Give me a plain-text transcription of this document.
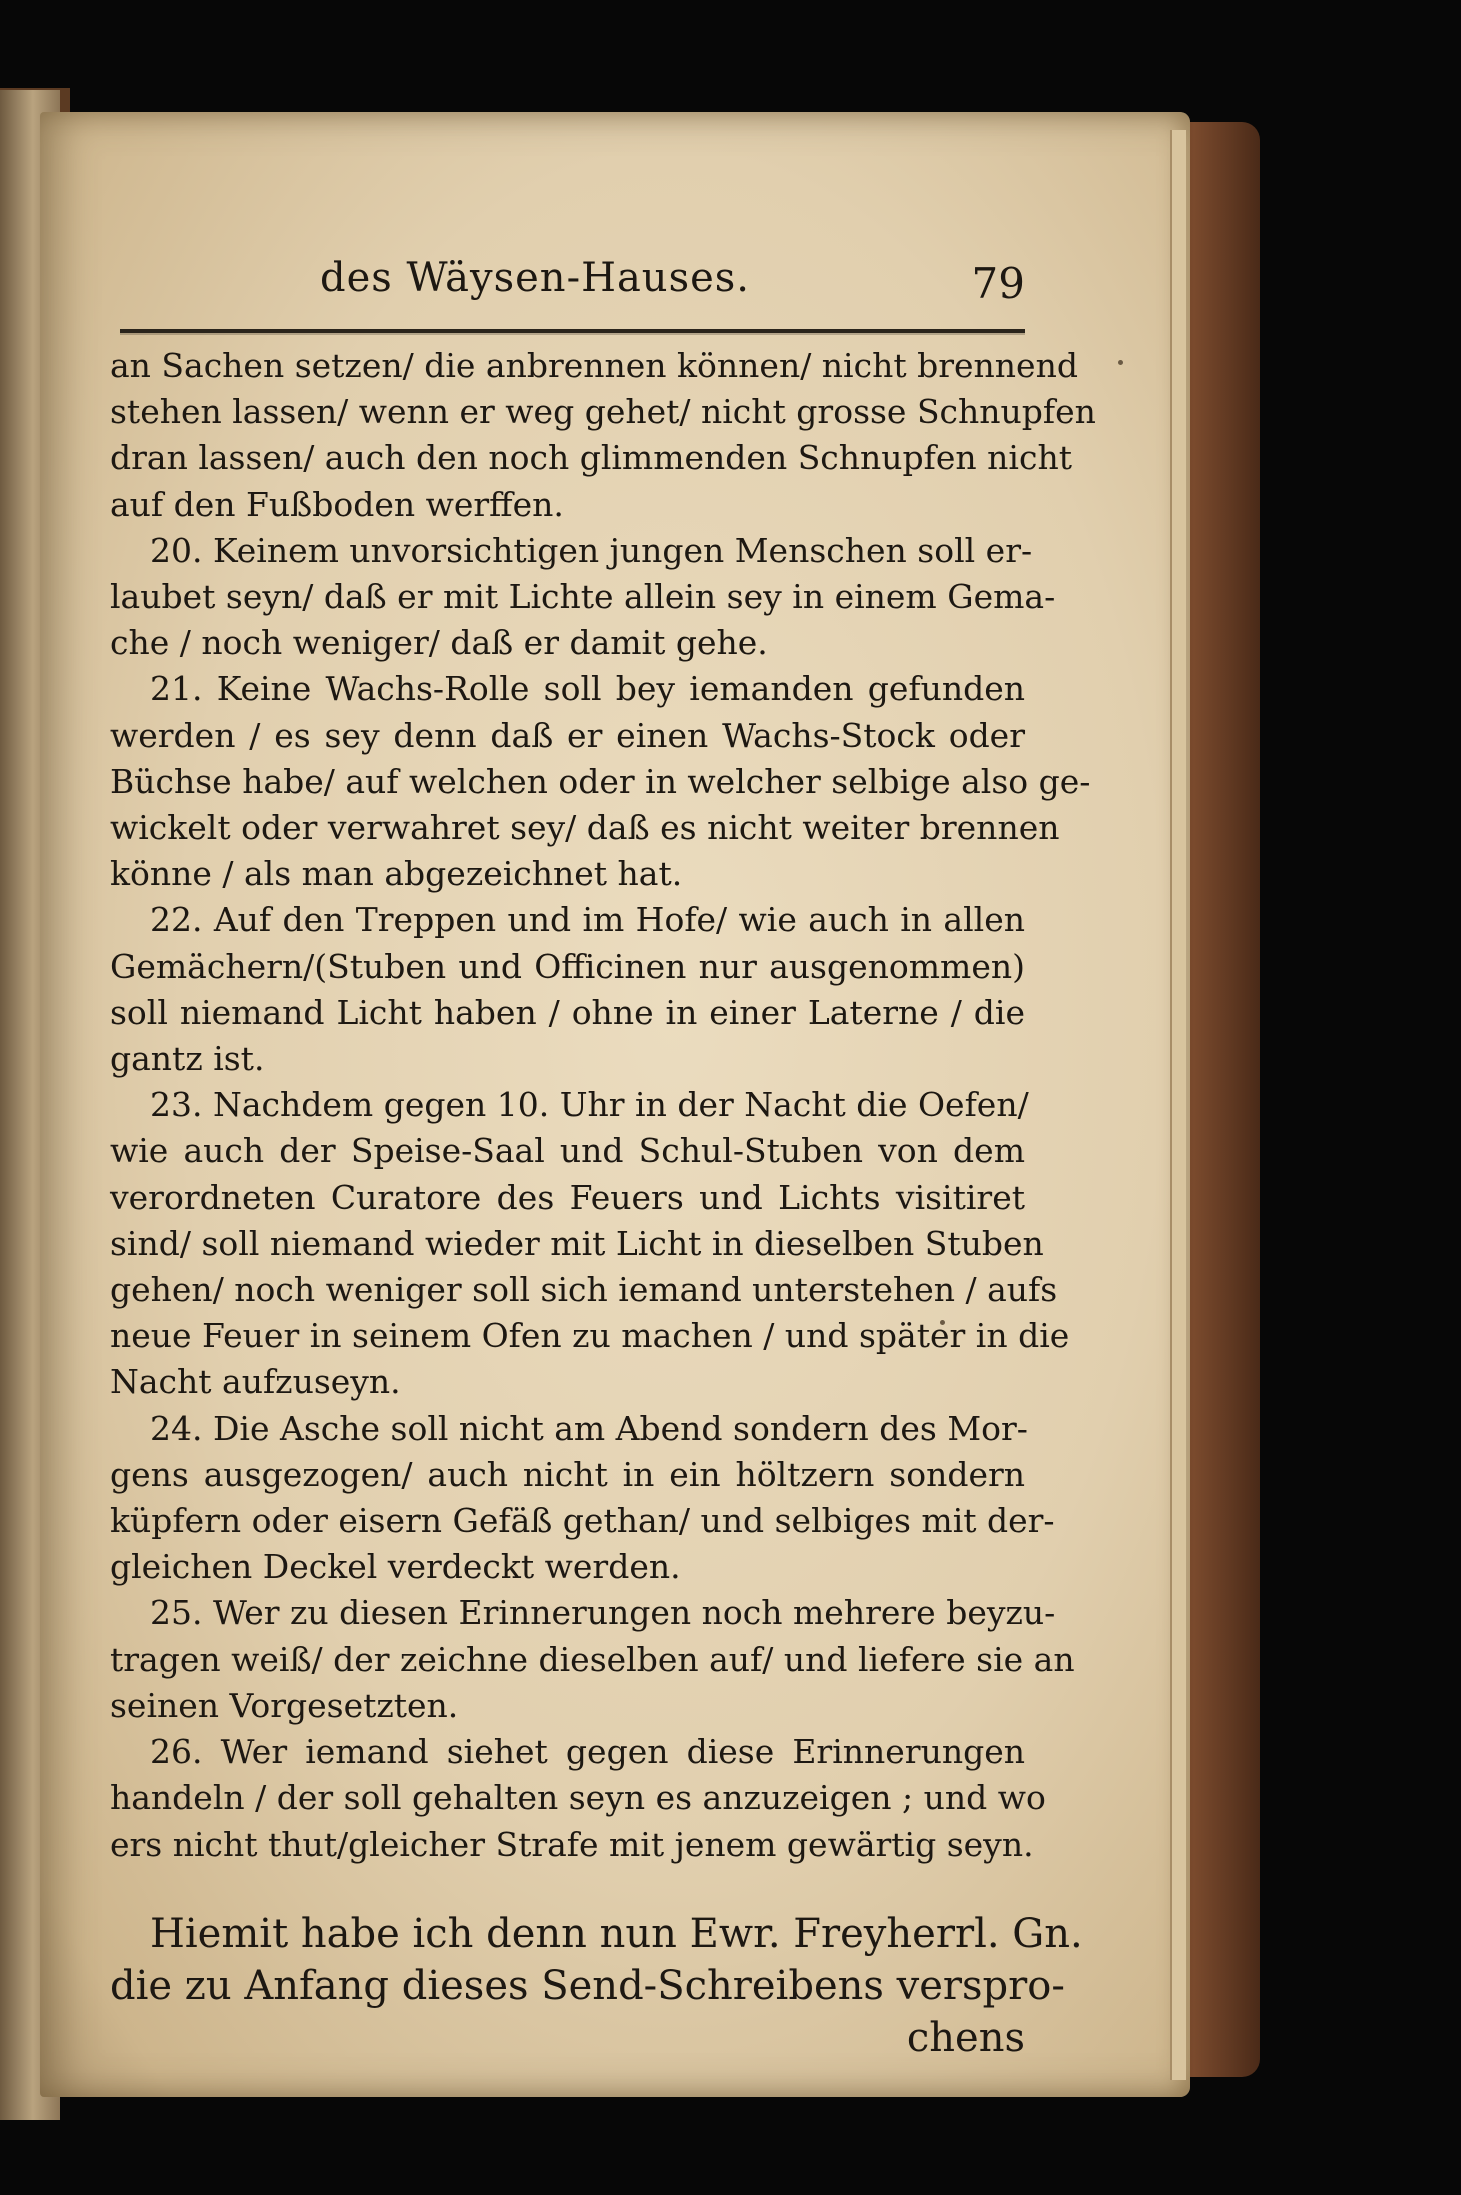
des Wäysen-Hauses.	79
an Sachen setzen/ die anbrennen können/ nicht brennend
stehen lassen/ wenn er weg gehet/ nicht grosse Schnupfen
dran lassen/ auch den noch glimmenden Schnupfen nicht
auf den Fußboden werffen.
20. Keinem unvorsichtigen jungen Menschen soll er-
laubet seyn/ daß er mit Lichte allein sey in einem Gema-
che / noch weniger/ daß er damit gehe.
21. Keine Wachs-Rolle soll bey iemanden gefunden
werden / es sey denn daß er einen Wachs-Stock oder
Büchse habe/ auf welchen oder in welcher selbige also ge-
wickelt oder verwahret sey/ daß es nicht weiter brennen
könne / als man abgezeichnet hat.
22. Auf den Treppen und im Hofe/ wie auch in allen
Gemächern/(Stuben und Officinen nur ausgenommen)
soll niemand Licht haben / ohne in einer Laterne / die
gantz ist.
23. Nachdem gegen 10. Uhr in der Nacht die Oefen/
wie auch der Speise-Saal und Schul-Stuben von dem
verordneten Curatore des Feuers und Lichts visitiret
sind/ soll niemand wieder mit Licht in dieselben Stuben
gehen/ noch weniger soll sich iemand unterstehen / aufs
neue Feuer in seinem Ofen zu machen / und später in die
Nacht aufzuseyn.
24. Die Asche soll nicht am Abend sondern des Mor-
gens ausgezogen/ auch nicht in ein höltzern sondern
küpfern oder eisern Gefäß gethan/ und selbiges mit der-
gleichen Deckel verdeckt werden.
25. Wer zu diesen Erinnerungen noch mehrere beyzu-
tragen weiß/ der zeichne dieselben auf/ und liefere sie an
seinen Vorgesetzten.
26. Wer iemand siehet gegen diese Erinnerungen
handeln / der soll gehalten seyn es anzuzeigen ; und wo
ers nicht thut/gleicher Strafe mit jenem gewärtig seyn.
Hiemit habe ich denn nun Ewr. Freyherrl. Gn.
die zu Anfang dieses Send-Schreibens verspro-
chens
